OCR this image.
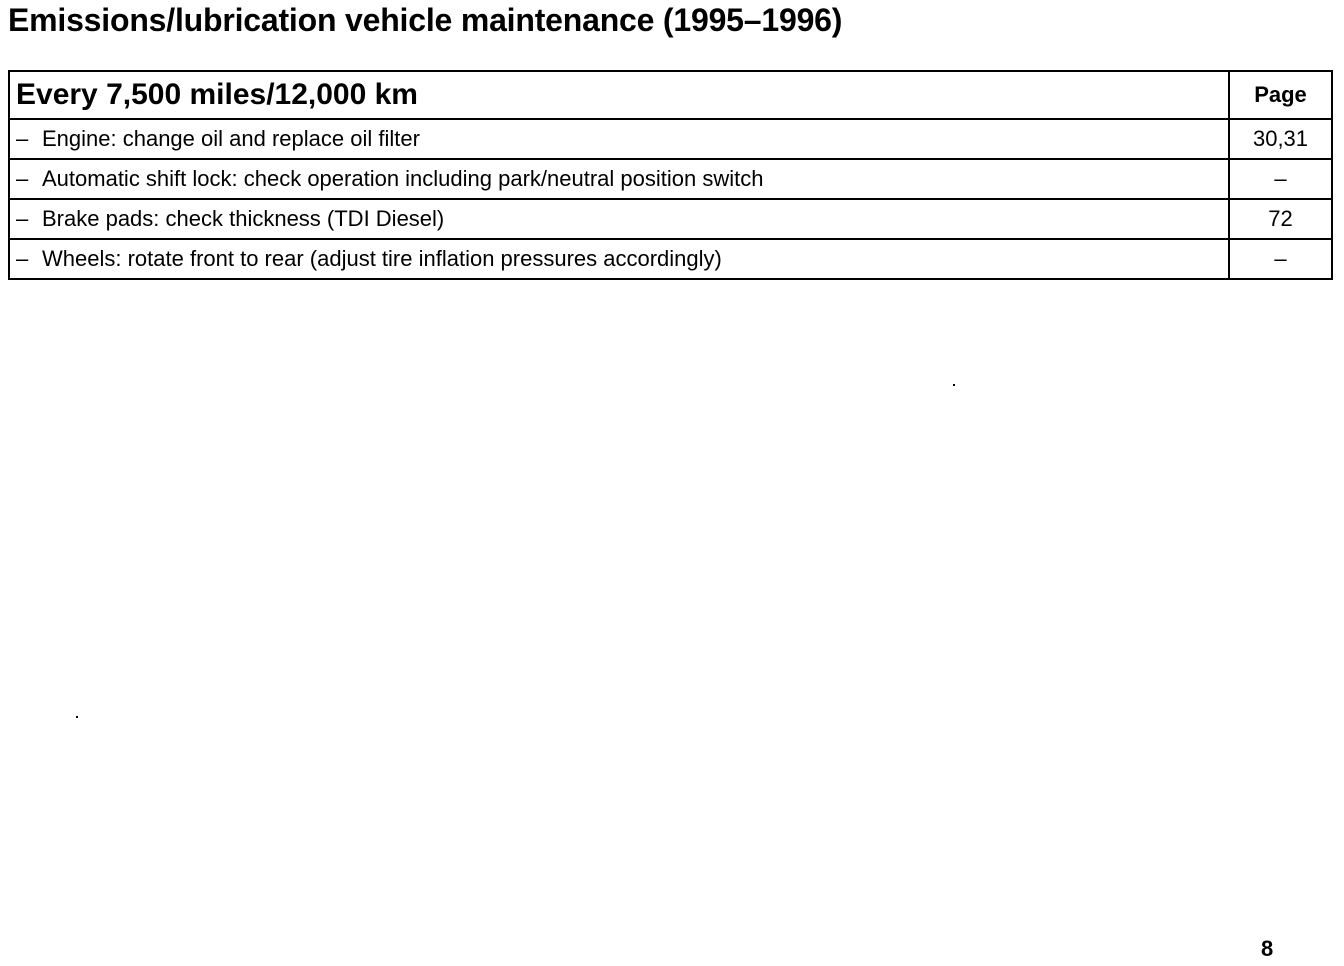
Emissions/lubrication vehicle maintenance (1995–1996)
Every 7,500 miles/12,000 km	Page
– Engine: change oil and replace oil filter	30,31
– Automatic shift lock: check operation including park/neutral position switch	–
– Brake pads: check thickness (TDI Diesel)	72
– Wheels: rotate front to rear (adjust tire inflation pressures accordingly)	–
8
